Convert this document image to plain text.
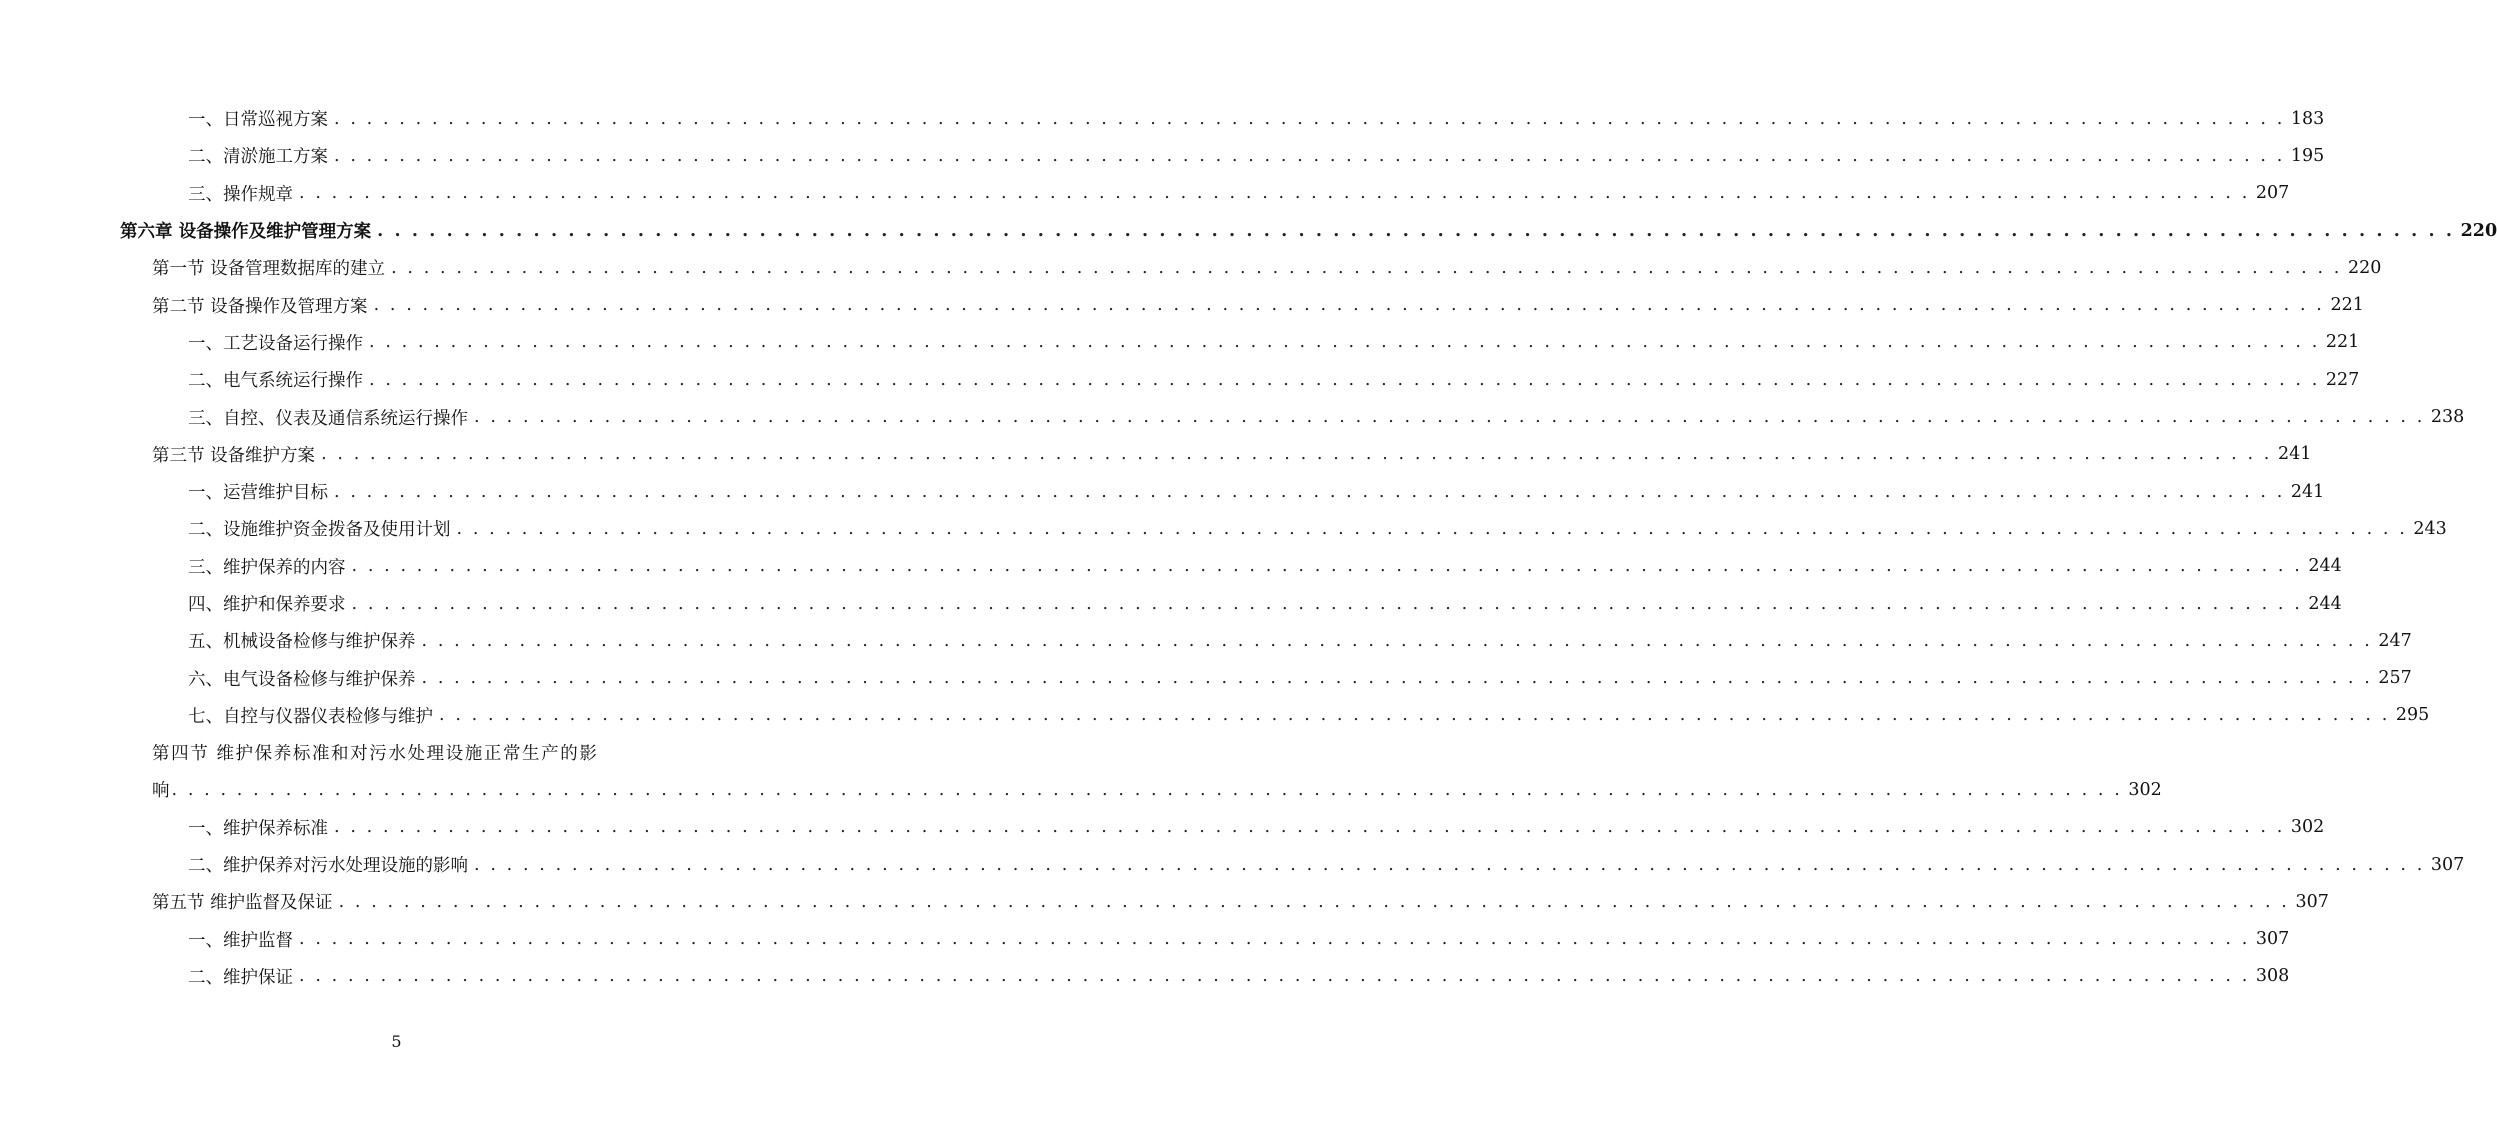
一、日常巡视方案 . . . . . . . . . . . . . . . . . . . . . . . . . . . . . . . . . . . . . . . . . . . . . . . . . . . . . . . . . . . . . . . . . . . . . . . . . . . . . . . . . . . . . . . . . . . . . . . . . . . . . . . . . . . . . . . . . . . . . . . . 183
二、清淤施工方案 . . . . . . . . . . . . . . . . . . . . . . . . . . . . . . . . . . . . . . . . . . . . . . . . . . . . . . . . . . . . . . . . . . . . . . . . . . . . . . . . . . . . . . . . . . . . . . . . . . . . . . . . . . . . . . . . . . . . . . . . 195
三、操作规章 . . . . . . . . . . . . . . . . . . . . . . . . . . . . . . . . . . . . . . . . . . . . . . . . . . . . . . . . . . . . . . . . . . . . . . . . . . . . . . . . . . . . . . . . . . . . . . . . . . . . . . . . . . . . . . . . . . . . . . . . 207
第六章 设备操作及维护管理方案 . . . . . . . . . . . . . . . . . . . . . . . . . . . . . . . . . . . . . . . . . . . . . . . . . . . . . . . . . . . . . . . . . . . . . . . . . . . . . . . . . . . . . . . . . . . . . . . . . . . . . . . . . . . . . . . . . . . . . . . . 220
第一节 设备管理数据库的建立 . . . . . . . . . . . . . . . . . . . . . . . . . . . . . . . . . . . . . . . . . . . . . . . . . . . . . . . . . . . . . . . . . . . . . . . . . . . . . . . . . . . . . . . . . . . . . . . . . . . . . . . . . . . . . . . . . . . . . . . . 220
第二节 设备操作及管理方案 . . . . . . . . . . . . . . . . . . . . . . . . . . . . . . . . . . . . . . . . . . . . . . . . . . . . . . . . . . . . . . . . . . . . . . . . . . . . . . . . . . . . . . . . . . . . . . . . . . . . . . . . . . . . . . . . . . . . . . . . 221
一、工艺设备运行操作 . . . . . . . . . . . . . . . . . . . . . . . . . . . . . . . . . . . . . . . . . . . . . . . . . . . . . . . . . . . . . . . . . . . . . . . . . . . . . . . . . . . . . . . . . . . . . . . . . . . . . . . . . . . . . . . . . . . . . . . . 221
二、电气系统运行操作 . . . . . . . . . . . . . . . . . . . . . . . . . . . . . . . . . . . . . . . . . . . . . . . . . . . . . . . . . . . . . . . . . . . . . . . . . . . . . . . . . . . . . . . . . . . . . . . . . . . . . . . . . . . . . . . . . . . . . . . . 227
三、自控、仪表及通信系统运行操作 . . . . . . . . . . . . . . . . . . . . . . . . . . . . . . . . . . . . . . . . . . . . . . . . . . . . . . . . . . . . . . . . . . . . . . . . . . . . . . . . . . . . . . . . . . . . . . . . . . . . . . . . . . . . . . . . . . . . . . . . 238
第三节 设备维护方案 . . . . . . . . . . . . . . . . . . . . . . . . . . . . . . . . . . . . . . . . . . . . . . . . . . . . . . . . . . . . . . . . . . . . . . . . . . . . . . . . . . . . . . . . . . . . . . . . . . . . . . . . . . . . . . . . . . . . . . . . 241
一、运营维护目标 . . . . . . . . . . . . . . . . . . . . . . . . . . . . . . . . . . . . . . . . . . . . . . . . . . . . . . . . . . . . . . . . . . . . . . . . . . . . . . . . . . . . . . . . . . . . . . . . . . . . . . . . . . . . . . . . . . . . . . . . 241
二、设施维护资金拨备及使用计划 . . . . . . . . . . . . . . . . . . . . . . . . . . . . . . . . . . . . . . . . . . . . . . . . . . . . . . . . . . . . . . . . . . . . . . . . . . . . . . . . . . . . . . . . . . . . . . . . . . . . . . . . . . . . . . . . . . . . . . . . 243
三、维护保养的内容 . . . . . . . . . . . . . . . . . . . . . . . . . . . . . . . . . . . . . . . . . . . . . . . . . . . . . . . . . . . . . . . . . . . . . . . . . . . . . . . . . . . . . . . . . . . . . . . . . . . . . . . . . . . . . . . . . . . . . . . . 244
四、维护和保养要求 . . . . . . . . . . . . . . . . . . . . . . . . . . . . . . . . . . . . . . . . . . . . . . . . . . . . . . . . . . . . . . . . . . . . . . . . . . . . . . . . . . . . . . . . . . . . . . . . . . . . . . . . . . . . . . . . . . . . . . . . 244
五、机械设备检修与维护保养 . . . . . . . . . . . . . . . . . . . . . . . . . . . . . . . . . . . . . . . . . . . . . . . . . . . . . . . . . . . . . . . . . . . . . . . . . . . . . . . . . . . . . . . . . . . . . . . . . . . . . . . . . . . . . . . . . . . . . . . . 247
六、电气设备检修与维护保养 . . . . . . . . . . . . . . . . . . . . . . . . . . . . . . . . . . . . . . . . . . . . . . . . . . . . . . . . . . . . . . . . . . . . . . . . . . . . . . . . . . . . . . . . . . . . . . . . . . . . . . . . . . . . . . . . . . . . . . . . 257
七、自控与仪器仪表检修与维护 . . . . . . . . . . . . . . . . . . . . . . . . . . . . . . . . . . . . . . . . . . . . . . . . . . . . . . . . . . . . . . . . . . . . . . . . . . . . . . . . . . . . . . . . . . . . . . . . . . . . . . . . . . . . . . . . . . . . . . . . 295
第四节 维护保养标准和对污水处理设施正常生产的影
响 . . . . . . . . . . . . . . . . . . . . . . . . . . . . . . . . . . . . . . . . . . . . . . . . . . . . . . . . . . . . . . . . . . . . . . . . . . . . . . . . . . . . . . . . . . . . . . . . . . . . . . . . . . . . . . . . . . . . . . . . 302
一、维护保养标准 . . . . . . . . . . . . . . . . . . . . . . . . . . . . . . . . . . . . . . . . . . . . . . . . . . . . . . . . . . . . . . . . . . . . . . . . . . . . . . . . . . . . . . . . . . . . . . . . . . . . . . . . . . . . . . . . . . . . . . . . 302
二、维护保养对污水处理设施的影响 . . . . . . . . . . . . . . . . . . . . . . . . . . . . . . . . . . . . . . . . . . . . . . . . . . . . . . . . . . . . . . . . . . . . . . . . . . . . . . . . . . . . . . . . . . . . . . . . . . . . . . . . . . . . . . . . . . . . . . . . 307
第五节 维护监督及保证 . . . . . . . . . . . . . . . . . . . . . . . . . . . . . . . . . . . . . . . . . . . . . . . . . . . . . . . . . . . . . . . . . . . . . . . . . . . . . . . . . . . . . . . . . . . . . . . . . . . . . . . . . . . . . . . . . . . . . . . . 307
一、维护监督 . . . . . . . . . . . . . . . . . . . . . . . . . . . . . . . . . . . . . . . . . . . . . . . . . . . . . . . . . . . . . . . . . . . . . . . . . . . . . . . . . . . . . . . . . . . . . . . . . . . . . . . . . . . . . . . . . . . . . . . . 307
二、维护保证 . . . . . . . . . . . . . . . . . . . . . . . . . . . . . . . . . . . . . . . . . . . . . . . . . . . . . . . . . . . . . . . . . . . . . . . . . . . . . . . . . . . . . . . . . . . . . . . . . . . . . . . . . . . . . . . . . . . . . . . . 308
5
